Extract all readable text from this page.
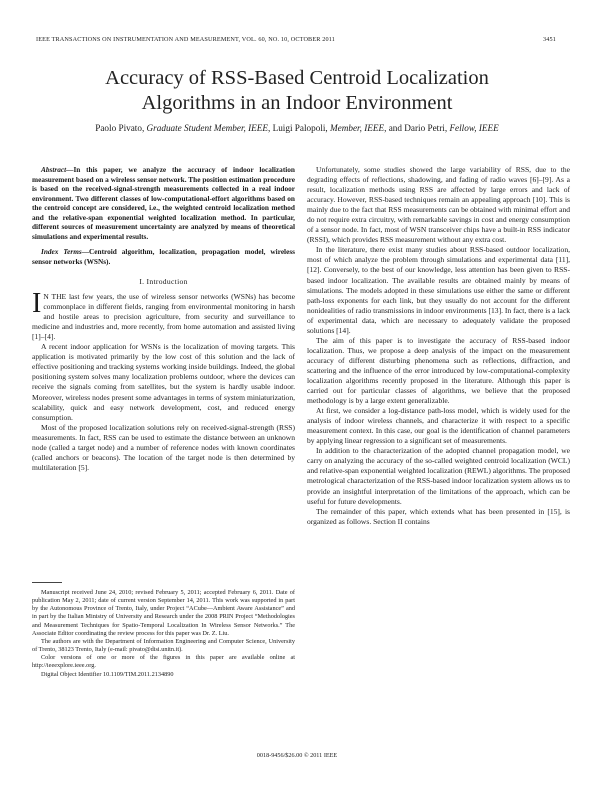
IEEE TRANSACTIONS ON INSTRUMENTATION AND MEASUREMENT, VOL. 60, NO. 10, OCTOBER 2011	3451
Accuracy of RSS-Based Centroid Localization
Algorithms in an Indoor Environment
Paolo Pivato, Graduate Student Member, IEEE, Luigi Palopoli, Member, IEEE, and Dario Petri, Fellow, IEEE
Abstract—In this paper, we analyze the accuracy of indoor localization measurement based on a wireless sensor network. The position estimation procedure is based on the received-signal-strength measurements collected in a real indoor environment. Two different classes of low-computational-effort algorithms based on the centroid concept are considered, i.e., the weighted centroid localization method and the relative-span exponential weighted localization method. In particular, different sources of measurement uncertainty are analyzed by means of theoretical simulations and experimental results.
Index Terms—Centroid algorithm, localization, propagation model, wireless sensor networks (WSNs).
I. Introduction

I N THE last few years, the use of wireless sensor networks (WSNs) has become commonplace in different fields, ranging from environmental monitoring in harsh and hostile areas to precision agriculture, from security and surveillance to medicine and industries and, more recently, from home automation and assisted living [1]–[4].

A recent indoor application for WSNs is the localization of moving targets. This application is motivated primarily by the low cost of this solution and the lack of effective positioning and tracking systems working inside buildings. Indeed, the global positioning system solves many localization problems outdoor, where the devices can receive the signals coming from satellites, but the system is hardly usable indoor. Moreover, wireless nodes present some advantages in terms of system miniaturization, scalability, quick and easy network development, cost, and reduced energy consumption.

Most of the proposed localization solutions rely on received-signal-strength (RSS) measurements. In fact, RSS can be used to estimate the distance between an unknown node (called a target node) and a number of reference nodes with known coordinates (called anchors or beacons). The location of the target node is then determined by multilateration [5].

Manuscript received June 24, 2010; revised February 5, 2011; accepted February 6, 2011. Date of publication May 2, 2011; date of current version September 14, 2011. This work was supported in part by the Autonomous Province of Trento, Italy, under Project “ACube—Ambient Aware Assistance” and in part by the Italian Ministry of University and Research under the 2008 PRIN Project “Methodologies and Measurement Techniques for Spatio-Temporal Localization In Wireless Sensor Networks.” The Associate Editor coordinating the review process for this paper was Dr. Z. Liu.

The authors are with the Department of Information Engineering and Computer Science, University of Trento, 38123 Trento, Italy (e-mail: pivato@disi.unitn.it).

Color versions of one or more of the figures in this paper are available online at http://ieeexplore.ieee.org.

Digital Object Identifier 10.1109/TIM.2011.2134890

Unfortunately, some studies showed the large variability of RSS, due to the degrading effects of reflections, shadowing, and fading of radio waves [6]–[9]. As a result, localization methods using RSS are affected by large errors and lack of accuracy. However, RSS-based techniques remain an appealing approach [10]. This is mainly due to the fact that RSS measurements can be obtained with minimal effort and do not require extra circuitry, with remarkable savings in cost and energy consumption of a sensor node. In fact, most of WSN transceiver chips have a built-in RSS indicator (RSSI), which provides RSS measurement without any extra cost.

In the literature, there exist many studies about RSS-based outdoor localization, most of which analyze the problem through simulations and experimental data [11], [12]. Conversely, to the best of our knowledge, less attention has been given to RSS-based indoor localization. The available results are obtained mainly by means of simulations. The models adopted in these simulations use either the same or different path-loss exponents for each link, but they usually do not account for the different nonidealities of radio transmissions in indoor environments [13]. In fact, there is a lack of experimental data, which are necessary to adequately validate the proposed solutions [14].

The aim of this paper is to investigate the accuracy of RSS-based indoor localization. Thus, we propose a deep analysis of the impact on the measurement accuracy of different disturbing phenomena such as reflections, diffraction, and scattering and the influence of the error introduced by low-computational-complexity localization algorithms recently proposed in the literature. Although this paper is carried out for particular classes of algorithms, we believe that the proposed methodology is by a large extent generalizable.

At first, we consider a log-distance path-loss model, which is widely used for the analysis of indoor wireless channels, and characterize it with respect to a specific measurement context. In this case, our goal is the identification of channel parameters by applying linear regression to a significant set of measurements.

In addition to the characterization of the adopted channel propagation model, we carry on analyzing the accuracy of the so-called weighted centroid localization (WCL) and relative-span exponential weighted localization (REWL) algorithms. The proposed metrological characterization of the RSS-based indoor localization system allows us to provide an insightful interpretation of the limitations of the approach, which can be useful for future developments.

The remainder of this paper, which extends what has been presented in [15], is organized as follows. Section II contains

0018-9456/$26.00 © 2011 IEEE
